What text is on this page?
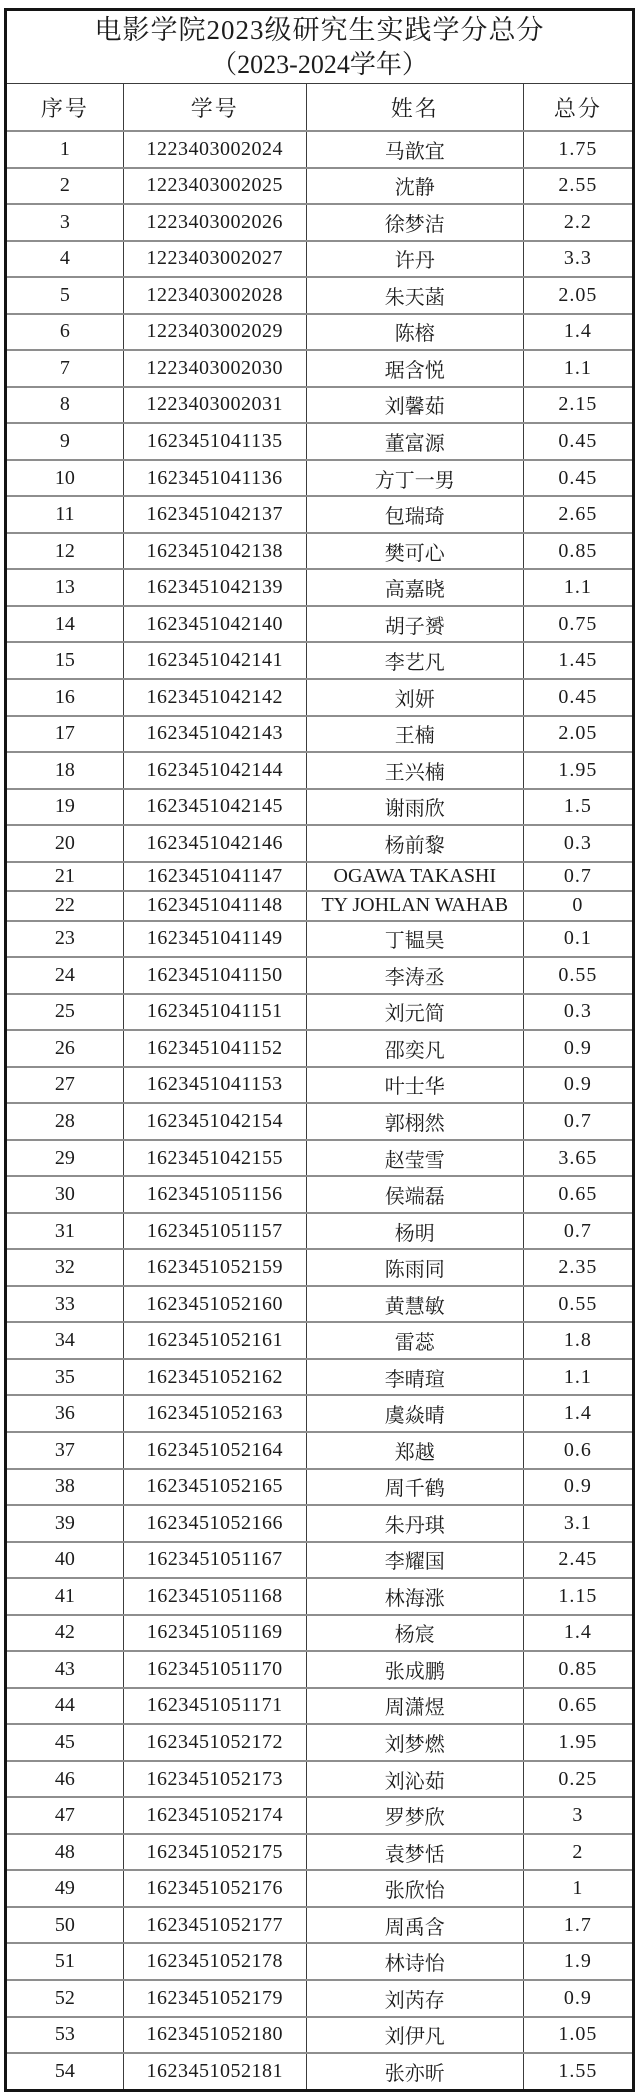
电影学院2023级研究生实践学分总分
（2023-2024学年）
序号	学号	姓名	总分
1	1223403002024	马歆宜	1.75
2	1223403002025	沈静	2.55
3	1223403002026	徐梦洁	2.2
4	1223403002027	许丹	3.3
5	1223403002028	朱天菡	2.05
6	1223403002029	陈榕	1.4
7	1223403002030	琚含悦	1.1
8	1223403002031	刘馨茹	2.15
9	1623451041135	董富源	0.45
10	1623451041136	方丁一男	0.45
11	1623451042137	包瑞琦	2.65
12	1623451042138	樊可心	0.85
13	1623451042139	高嘉晓	1.1
14	1623451042140	胡子赟	0.75
15	1623451042141	李艺凡	1.45
16	1623451042142	刘妍	0.45
17	1623451042143	王楠	2.05
18	1623451042144	王兴楠	1.95
19	1623451042145	谢雨欣	1.5
20	1623451042146	杨前黎	0.3
21	1623451041147	OGAWA TAKASHI	0.7
22	1623451041148	TY JOHLAN WAHAB	0
23	1623451041149	丁韫昊	0.1
24	1623451041150	李涛丞	0.55
25	1623451041151	刘元简	0.3
26	1623451041152	邵奕凡	0.9
27	1623451041153	叶士华	0.9
28	1623451042154	郭栩然	0.7
29	1623451042155	赵莹雪	3.65
30	1623451051156	侯端磊	0.65
31	1623451051157	杨明	0.7
32	1623451052159	陈雨同	2.35
33	1623451052160	黄慧敏	0.55
34	1623451052161	雷蕊	1.8
35	1623451052162	李晴瑄	1.1
36	1623451052163	虞焱晴	1.4
37	1623451052164	郑越	0.6
38	1623451052165	周千鹤	0.9
39	1623451052166	朱丹琪	3.1
40	1623451051167	李耀国	2.45
41	1623451051168	林海涨	1.15
42	1623451051169	杨宸	1.4
43	1623451051170	张成鹏	0.85
44	1623451051171	周潇煜	0.65
45	1623451052172	刘梦燃	1.95
46	1623451052173	刘沁茹	0.25
47	1623451052174	罗梦欣	3
48	1623451052175	袁梦恬	2
49	1623451052176	张欣怡	1
50	1623451052177	周禹含	1.7
51	1623451052178	林诗怡	1.9
52	1623451052179	刘芮存	0.9
53	1623451052180	刘伊凡	1.05
54	1623451052181	张亦昕	1.55
